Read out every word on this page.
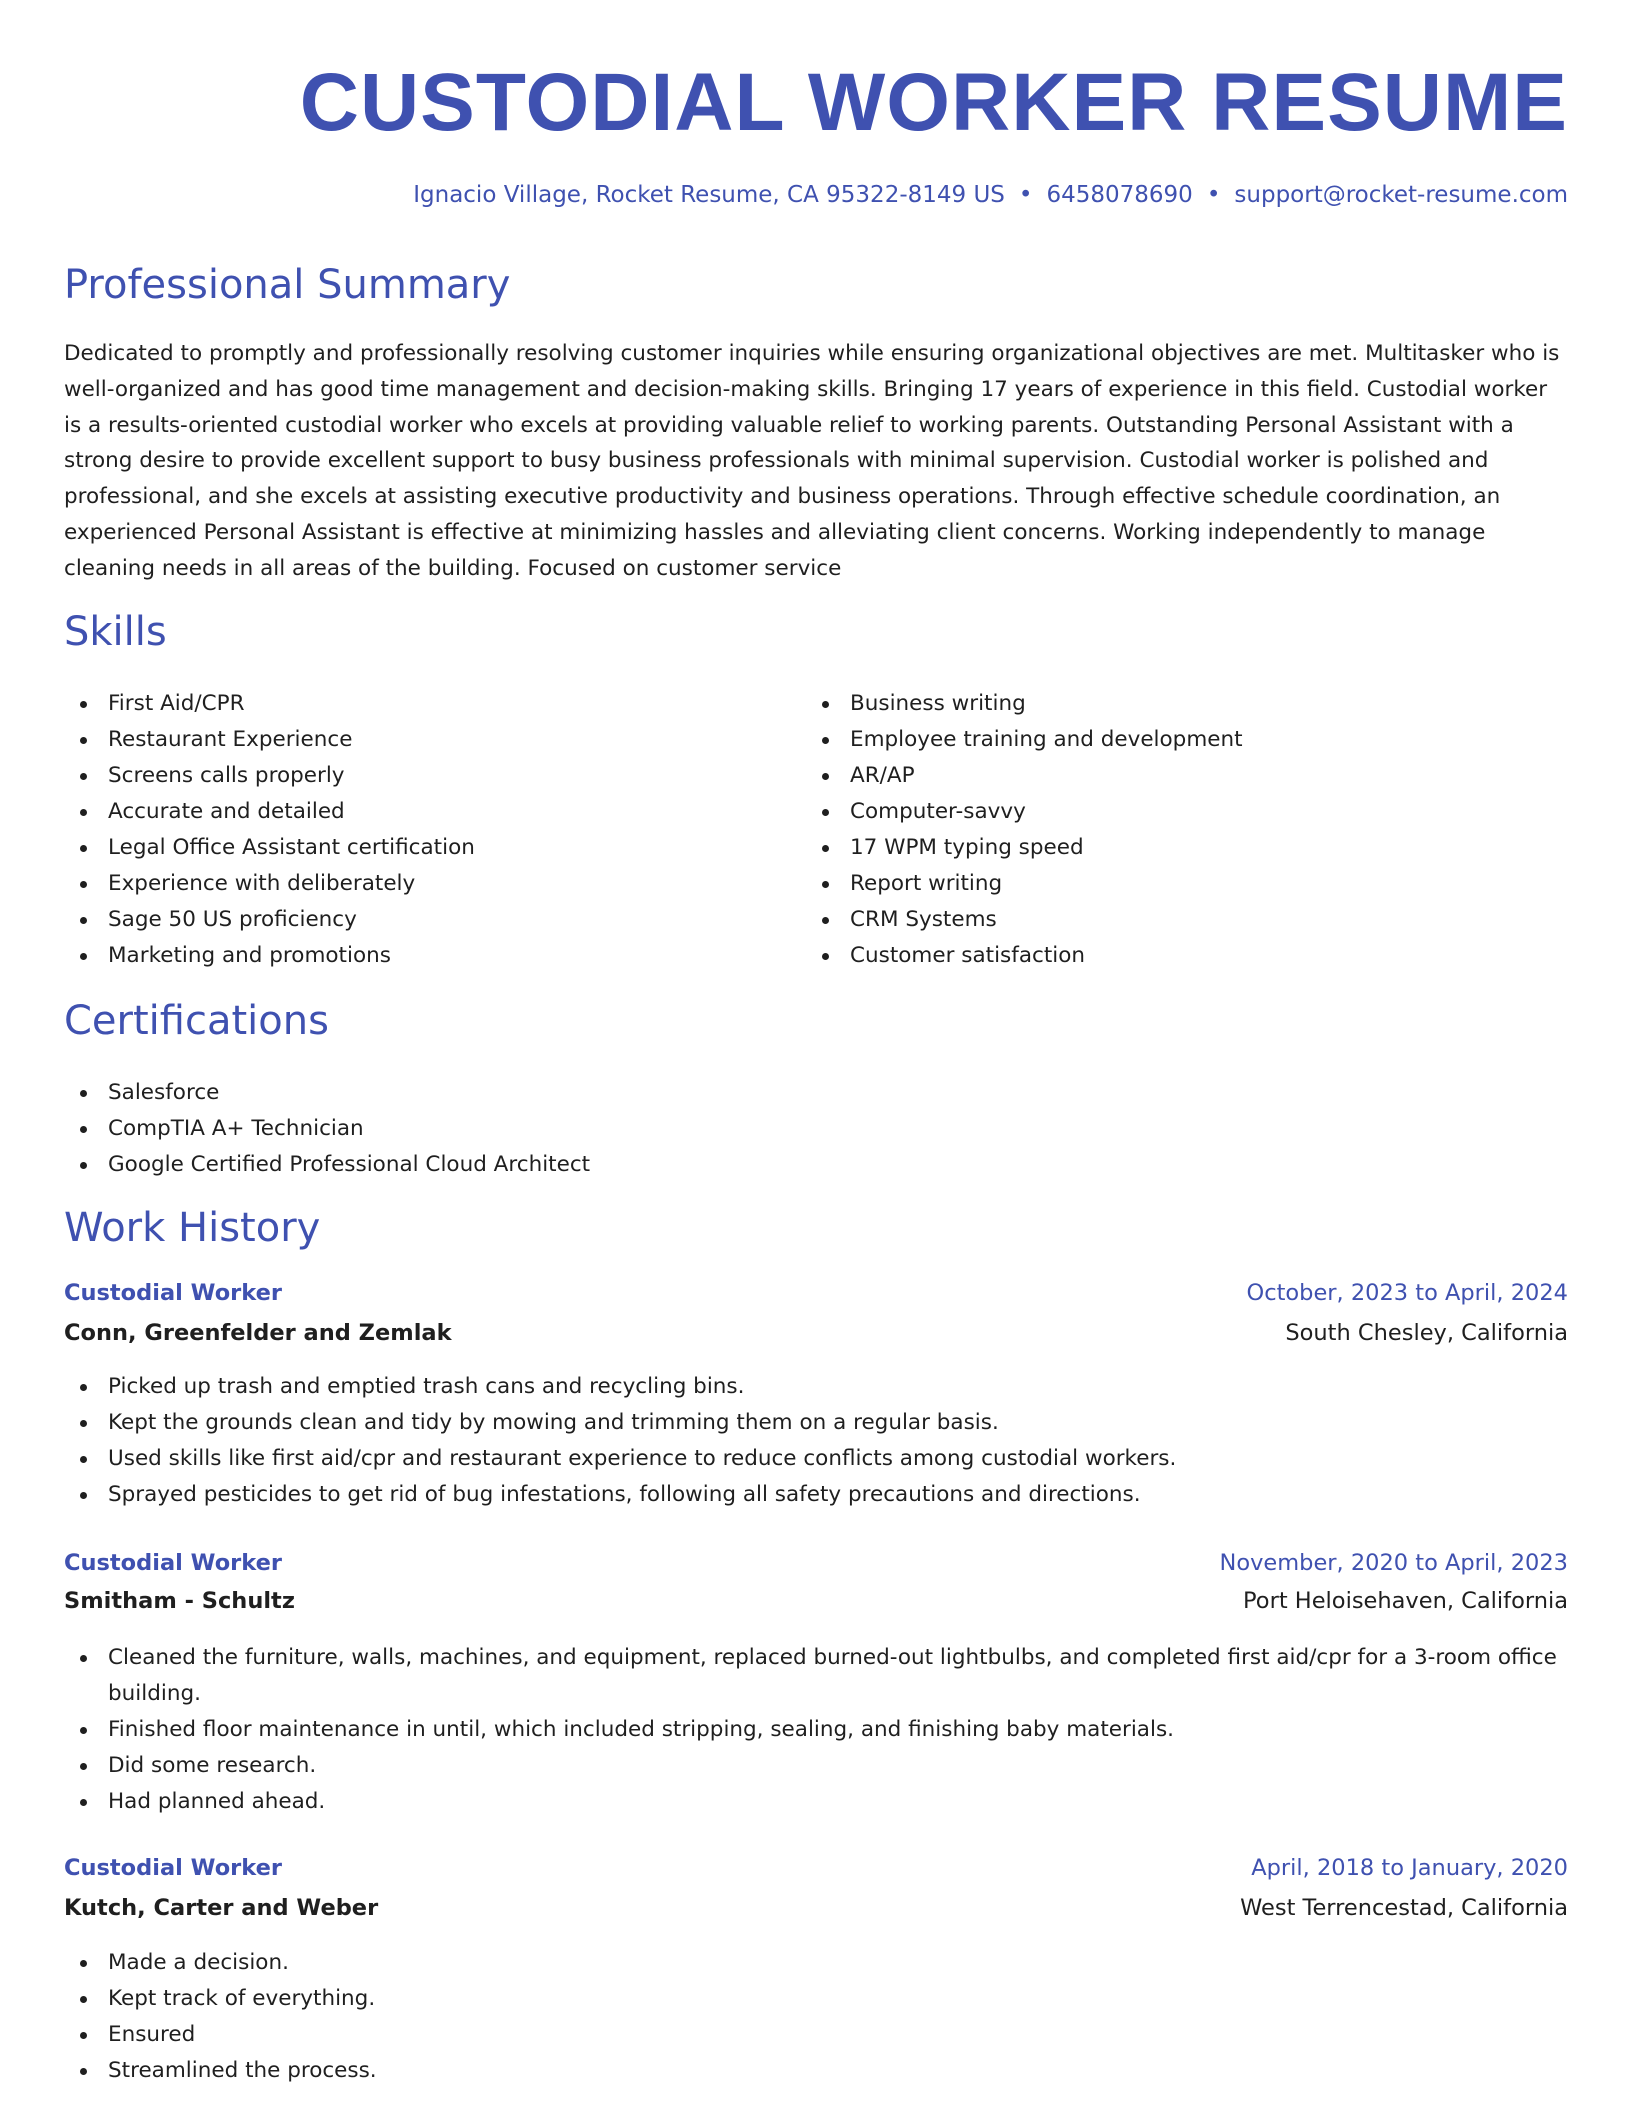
CUSTODIAL WORKER RESUME
Ignacio Village, Rocket Resume, CA 95322-8149 US • 6458078690 • support@rocket-resume.com
Professional Summary

Dedicated to promptly and professionally resolving customer inquiries while ensuring organizational objectives are met. Multitasker who is well-organized and has good time management and decision-making skills. Bringing 17 years of experience in this field. Custodial worker is a results-oriented custodial worker who excels at providing valuable relief to working parents. Outstanding Personal Assistant with a strong desire to provide excellent support to busy business professionals with minimal supervision. Custodial worker is polished and professional, and she excels at assisting executive productivity and business operations. Through effective schedule coordination, an experienced Personal Assistant is effective at minimizing hassles and alleviating client concerns. Working independently to manage cleaning needs in all areas of the building. Focused on customer service

Skills
First Aid/CPR
Restaurant Experience
Screens calls properly
Accurate and detailed
Legal Office Assistant certification
Experience with deliberately
Sage 50 US proficiency
Marketing and promotions
Business writing
Employee training and development
AR/AP
Computer-savvy
17 WPM typing speed
Report writing
CRM Systems
Customer satisfaction
Certifications
Salesforce
CompTIA A+ Technician
Google Certified Professional Cloud Architect
Work History
Custodial Worker	October, 2023 to April, 2024
Conn, Greenfelder and Zemlak	South Chesley, California
Picked up trash and emptied trash cans and recycling bins.
Kept the grounds clean and tidy by mowing and trimming them on a regular basis.
Used skills like first aid/cpr and restaurant experience to reduce conflicts among custodial workers.
Sprayed pesticides to get rid of bug infestations, following all safety precautions and directions.
Custodial Worker	November, 2020 to April, 2023
Smitham - Schultz	Port Heloisehaven, California
Cleaned the furniture, walls, machines, and equipment, replaced burned-out lightbulbs, and completed first aid/cpr for a 3-room office building.
Finished floor maintenance in until, which included stripping, sealing, and finishing baby materials.
Did some research.
Had planned ahead.
Custodial Worker	April, 2018 to January, 2020
Kutch, Carter and Weber	West Terrencestad, California
Made a decision.
Kept track of everything.
Ensured
Streamlined the process.
